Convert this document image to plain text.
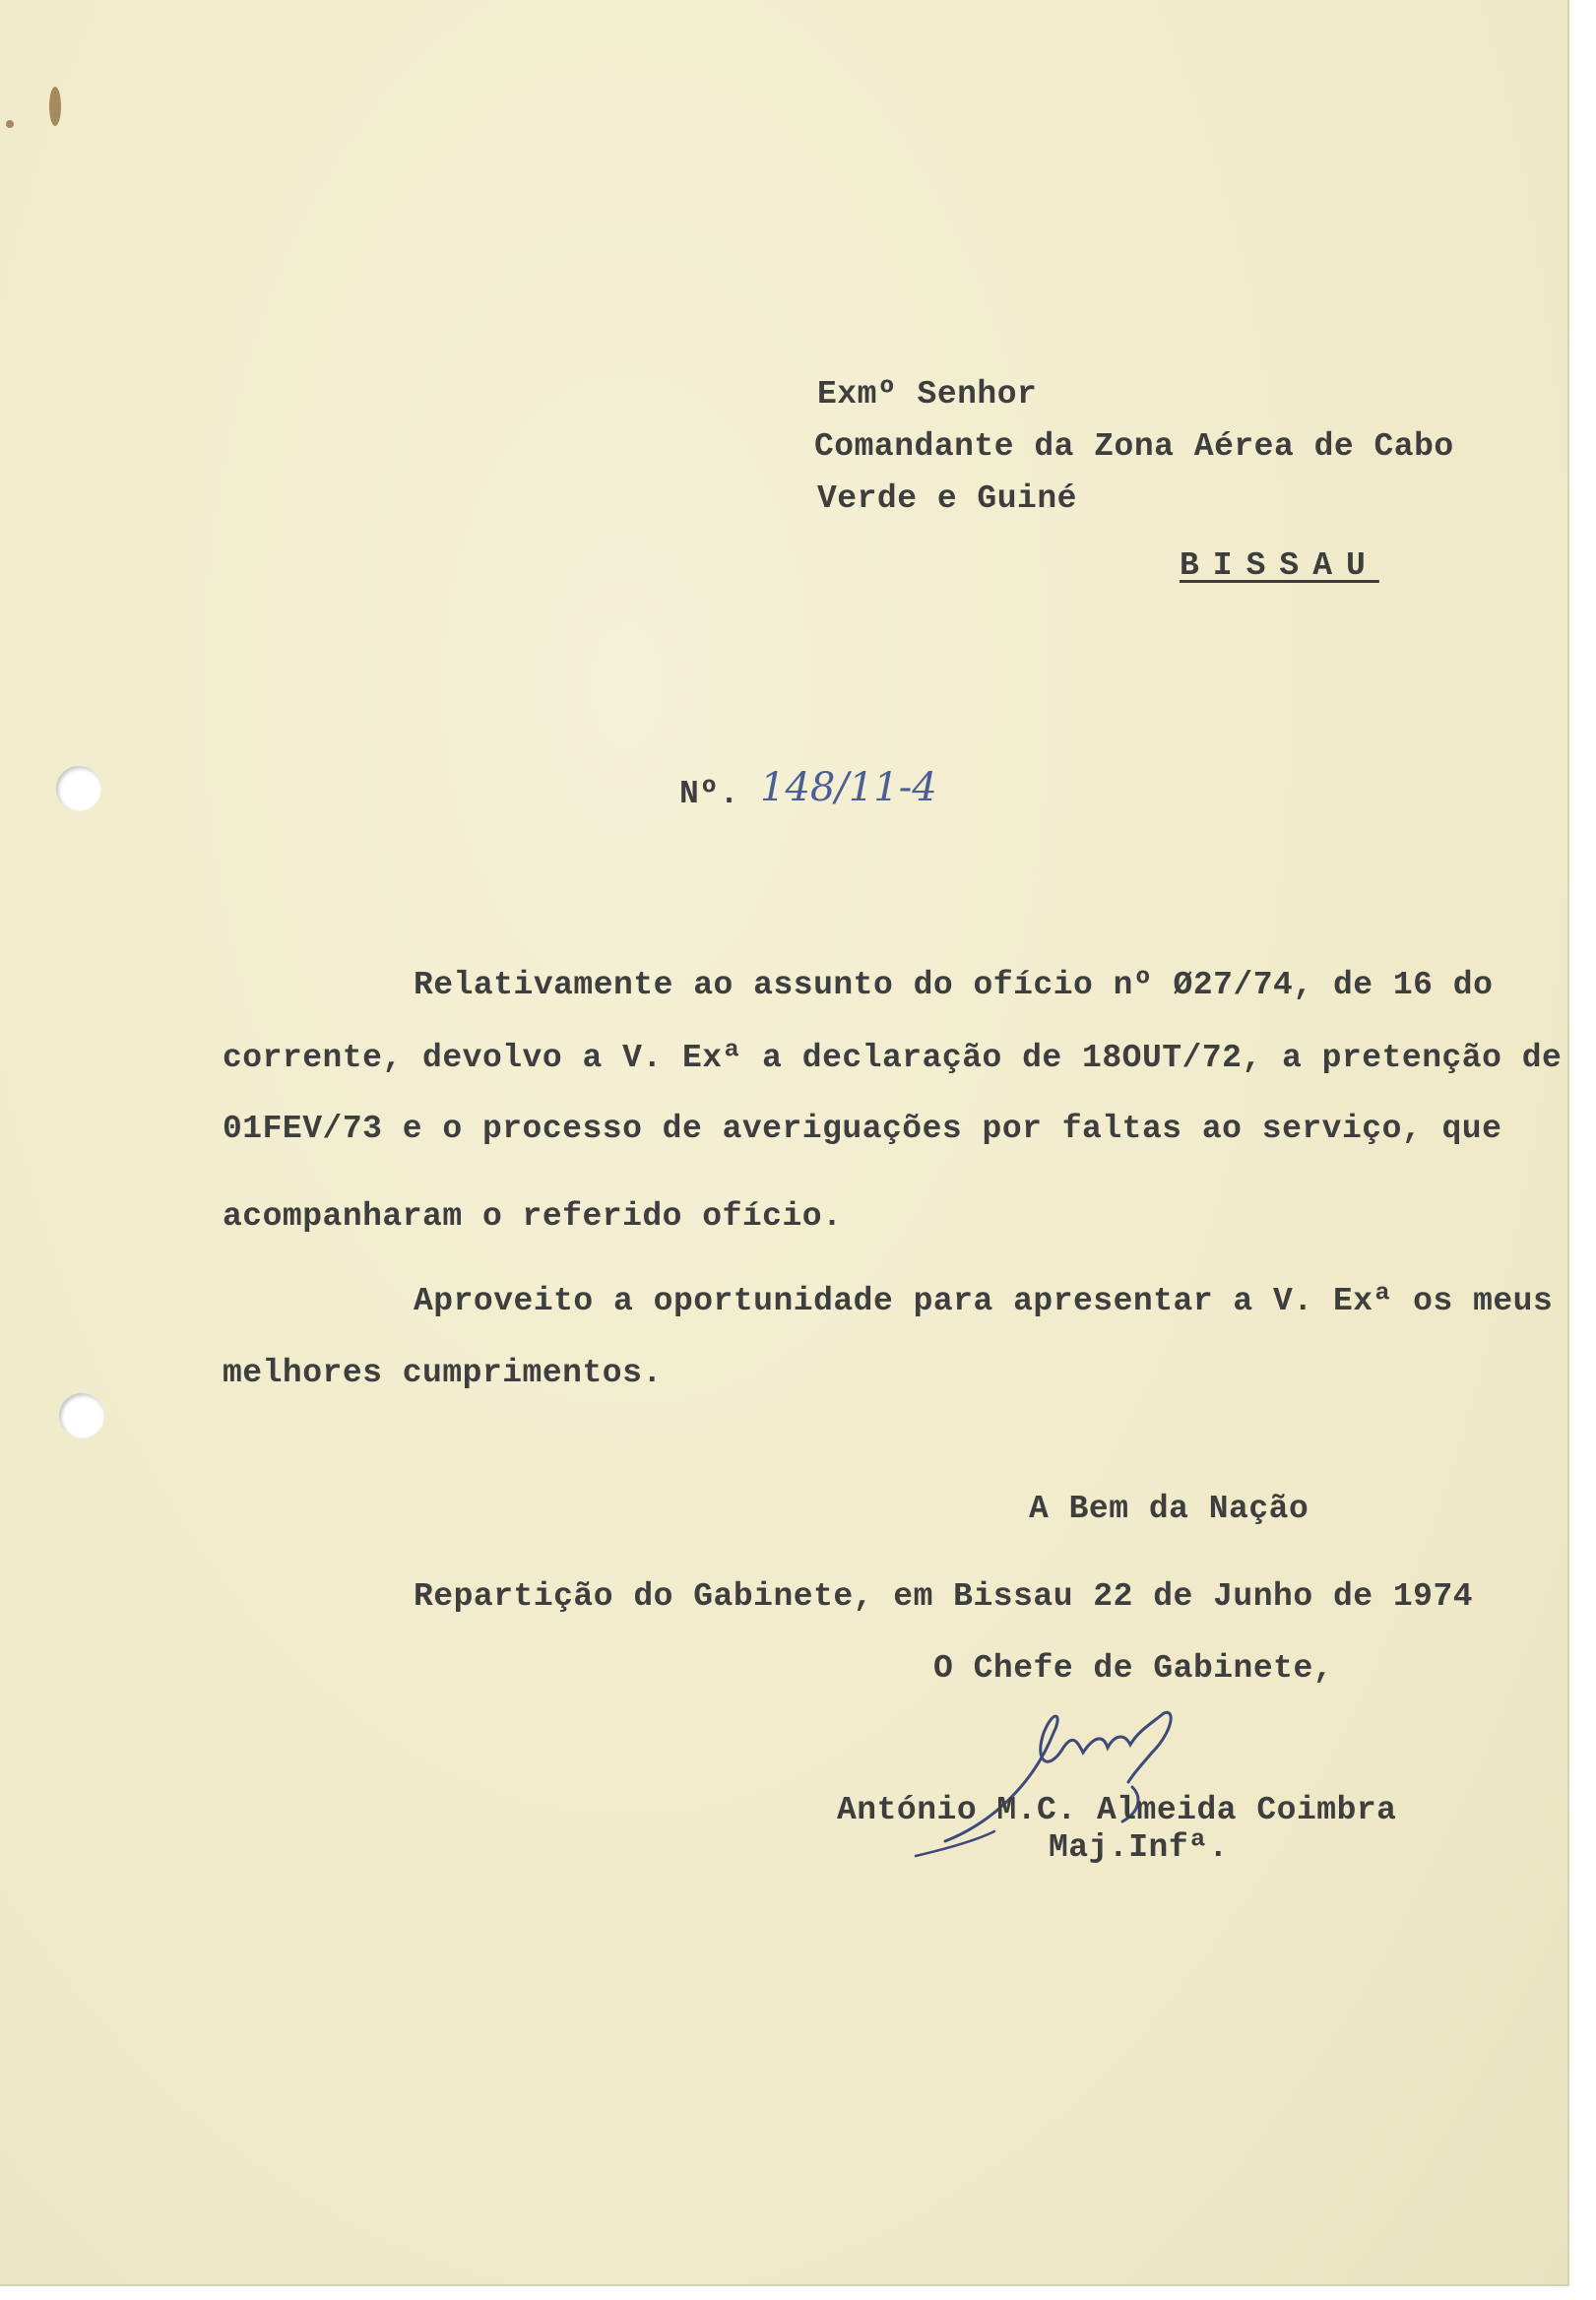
Exmº Senhor
Comandante da Zona Aérea de Cabo
Verde e Guiné
BISSAU
Nº. 148/11-4
Relativamente ao assunto do ofício nº Ø27/74, de 16 do
corrente, devolvo a V. Exª a declaração de 18OUT/72, a pretenção de
01FEV/73 e o processo de averiguações por faltas ao serviço, que
acompanharam o referido ofício.
Aproveito a oportunidade para apresentar a V. Exª os meus
melhores cumprimentos.
A Bem da Nação
Repartição do Gabinete, em Bissau 22 de Junho de 1974
O Chefe de Gabinete,
António M.C. Almeida Coimbra
Maj.Infª.
